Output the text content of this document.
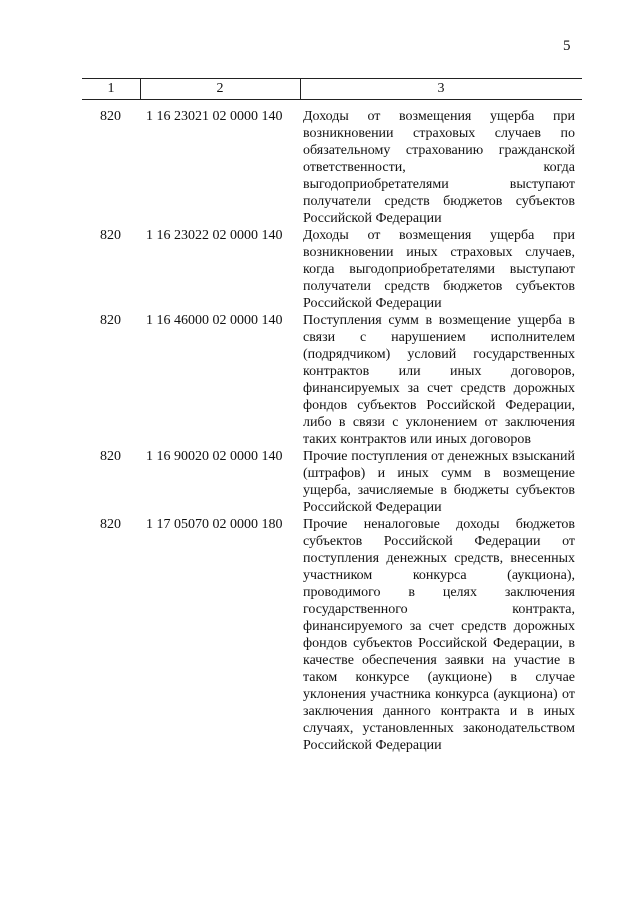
5
1	2	3
820 1 16 23021 02 0000 140 Доходы от возмещения ущерба при возникновении страховых случаев по обязательному страхованию гражданской ответственности, когда выгодоприобретателями выступают получатели средств бюджетов субъектов Российской Федерации
820 1 16 23022 02 0000 140 Доходы от возмещения ущерба при возникновении иных страховых случаев, когда выгодоприобретателями выступают получатели средств бюджетов субъектов Российской Федерации
820 1 16 46000 02 0000 140 Поступления сумм в возмещение ущерба в связи с нарушением исполнителем (подрядчиком) условий государственных контрактов или иных договоров, финансируемых за счет средств дорожных фондов субъектов Российской Федерации, либо в связи с уклонением от заключения таких контрактов или иных договоров
820 1 16 90020 02 0000 140 Прочие поступления от денежных взысканий (штрафов) и иных сумм в возмещение ущерба, зачисляемые в бюджеты субъектов Российской Федерации
820 1 17 05070 02 0000 180 Прочие неналоговые доходы бюджетов субъектов Российской Федерации от поступления денежных средств, внесенных участником конкурса (аукциона), проводимого в целях заключения государственного контракта, финансируемого за счет средств дорожных фондов субъектов Российской Федерации, в качестве обеспечения заявки на участие в таком конкурсе (аукционе) в случае уклонения участника конкурса (аукциона) от заключения данного контракта и в иных случаях, установленных законодательством Российской Федерации
